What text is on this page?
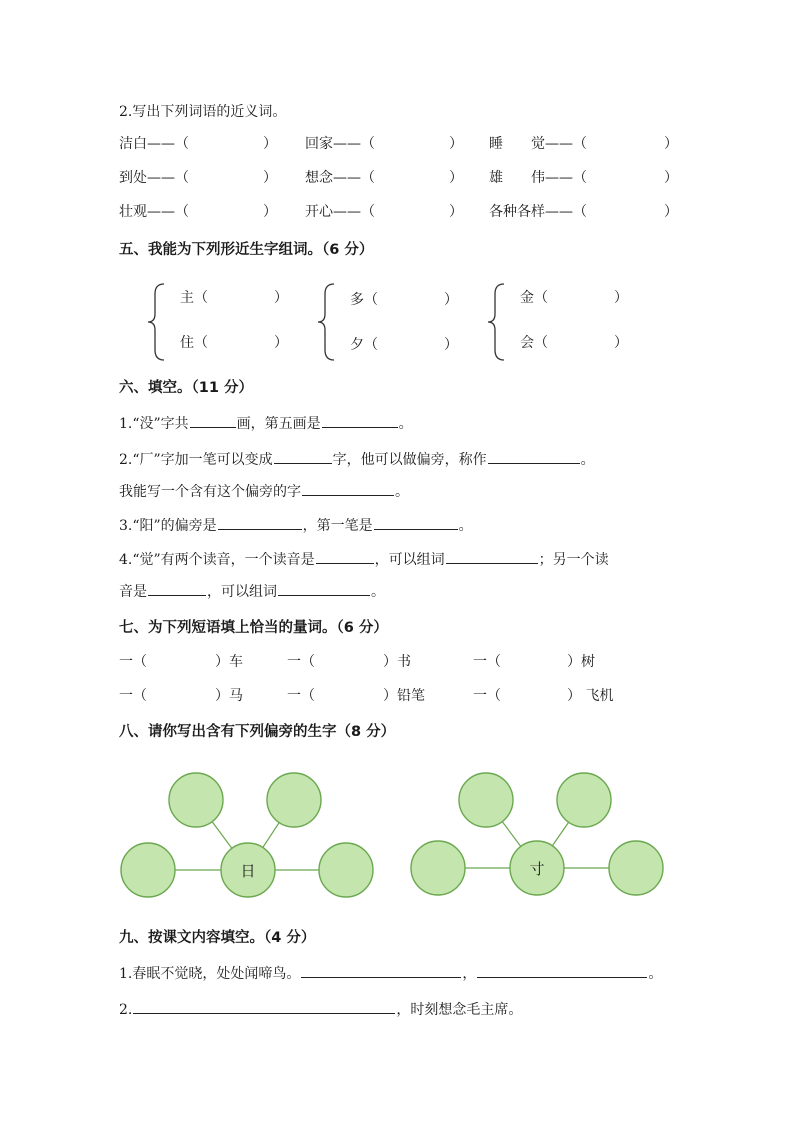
2.写出下列词语的近义词。
洁白——（	） 回家——（	） 睡　　觉——（	）
到处——（	） 想念——（	） 雄　　伟——（	）
壮观——（	） 开心——（	） 各种各样——（	）
五、我能为下列形近生字组词。（6 分）
主（	）
住（	）
多（	）
夕（	）
金（	）
会（	）
六、填空。（11 分）
1.“没”字共	画，第五画是	。
2.“厂”字加一笔可以变成	字，他可以做偏旁，称作	。
我能写一个含有这个偏旁的字	。
3.“阳”的偏旁是	，第一笔是	。
4.“觉”有两个读音，一个读音是	，可以组词	；另一个读
音是	，可以组词	。
七、为下列短语填上恰当的量词。（6 分）
一（	）车	一（	）书	一（	）树
一（	）马	一（	）铅笔	一（	） 飞机
八、请你写出含有下列偏旁的生字（8 分）
日	寸
九、按课文内容填空。（4 分）
1.春眠不觉晓，处处闻啼鸟。	，	。
2.	，时刻想念毛主席。
